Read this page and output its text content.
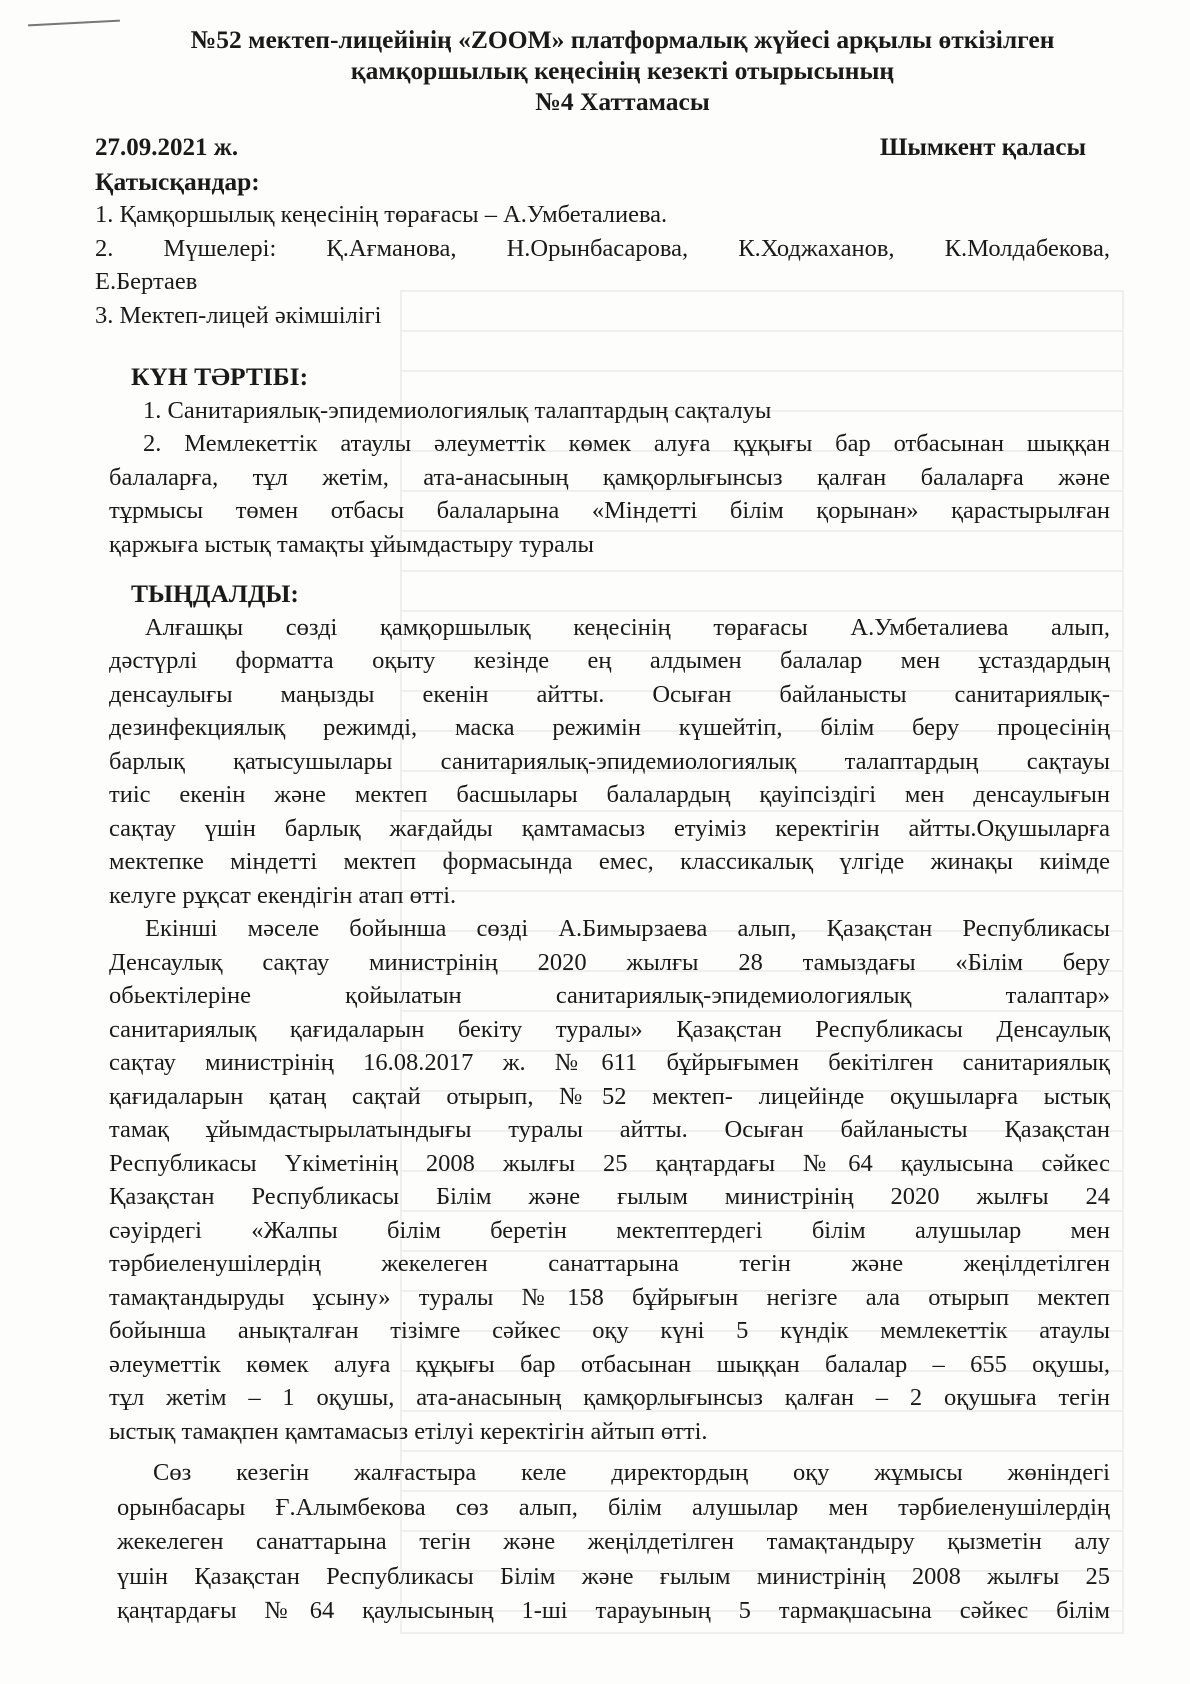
№52 мектеп-лицейінің «ZOOM» платформалық жүйесі арқылы өткізілген
қамқоршылық кеңесінің кезекті отырысының
№4 Хаттамасы
27.09.2021 ж.	Шымкент қаласы
Қатысқандар:
1. Қамқоршылық кеңесінің төрағасы – А.Умбеталиева.
2. Мүшелері: Қ.Ағманова, Н.Орынбасарова, К.Ходжаханов, К.Молдабекова,
Е.Бертаев
3. Мектеп-лицей әкімшілігі
КҮН ТӘРТІБІ:
1. Санитариялық-эпидемиологиялық талаптардың сақталуы
2. Мемлекеттік атаулы әлеуметтік көмек алуға құқығы бар отбасынан шыққан
балаларға, тұл жетім, ата-анасының қамқорлығынсыз қалған балаларға және
тұрмысы төмен отбасы балаларына «Міндетті білім қорынан» қарастырылған
қаржыға ыстық тамақты ұйымдастыру туралы
ТЫҢДАЛДЫ:
Алғашқы сөзді қамқоршылық кеңесінің төрағасы А.Умбеталиева алып,
дәстүрлі форматта оқыту кезінде ең алдымен балалар мен ұстаздардың
денсаулығы маңызды екенін айтты. Осыған байланысты санитариялық-
дезинфекциялық режимді, маска режимін күшейтіп, білім беру процесінің
барлық қатысушылары санитариялық-эпидемиологиялық талаптардың сақтауы
тиіс екенін және мектеп басшылары балалардың қауіпсіздігі мен денсаулығын
сақтау үшін барлық жағдайды қамтамасыз етуіміз керектігін айтты.Оқушыларға
мектепке міндетті мектеп формасында емес, классикалық үлгіде жинақы киімде
келуге рұқсат екендігін атап өтті.
Екінші мәселе бойынша сөзді А.Бимырзаева алып, Қазақстан Республикасы
Денсаулық сақтау министрінің 2020 жылғы 28 тамыздағы «Білім беру
обьектілеріне қойылатын санитариялық-эпидемиологиялық талаптар»
санитариялық қағидаларын бекіту туралы» Қазақстан Республикасы Денсаулық
сақтау министрінің 16.08.2017 ж. №611 бұйрығымен бекітілген санитариялық
қағидаларын қатаң сақтай отырып, №52 мектеп- лицейінде оқушыларға ыстық
тамақ ұйымдастырылатындығы туралы айтты. Осыған байланысты Қазақстан
Республикасы Үкіметінің 2008 жылғы 25 қаңтардағы №64 қаулысына сәйкес
Қазақстан Республикасы Білім және ғылым министрінің 2020 жылғы 24
сәуірдегі «Жалпы білім беретін мектептердегі білім алушылар мен
тәрбиеленушілердің жекелеген санаттарына тегін және жеңілдетілген
тамақтандыруды ұсыну» туралы №158 бұйрығын негізге ала отырып мектеп
бойынша анықталған тізімге сәйкес оқу күні 5 күндік мемлекеттік атаулы
әлеуметтік көмек алуға құқығы бар отбасынан шыққан балалар – 655 оқушы,
тұл жетім – 1 оқушы, ата-анасының қамқорлығынсыз қалған – 2 оқушыға тегін
ыстық тамақпен қамтамасыз етілуі керектігін айтып өтті.
Сөз кезегін жалғастыра келе директордың оқу жұмысы жөніндегі
орынбасары Ғ.Алымбекова сөз алып, білім алушылар мен тәрбиеленушілердің
жекелеген санаттарына тегін және жеңілдетілген тамақтандыру қызметін алу
үшін Қазақстан Республикасы Білім және ғылым министрінің 2008 жылғы 25
қаңтардағы №64 қаулысының 1-ші тарауының 5 тармақшасына сәйкес білім
